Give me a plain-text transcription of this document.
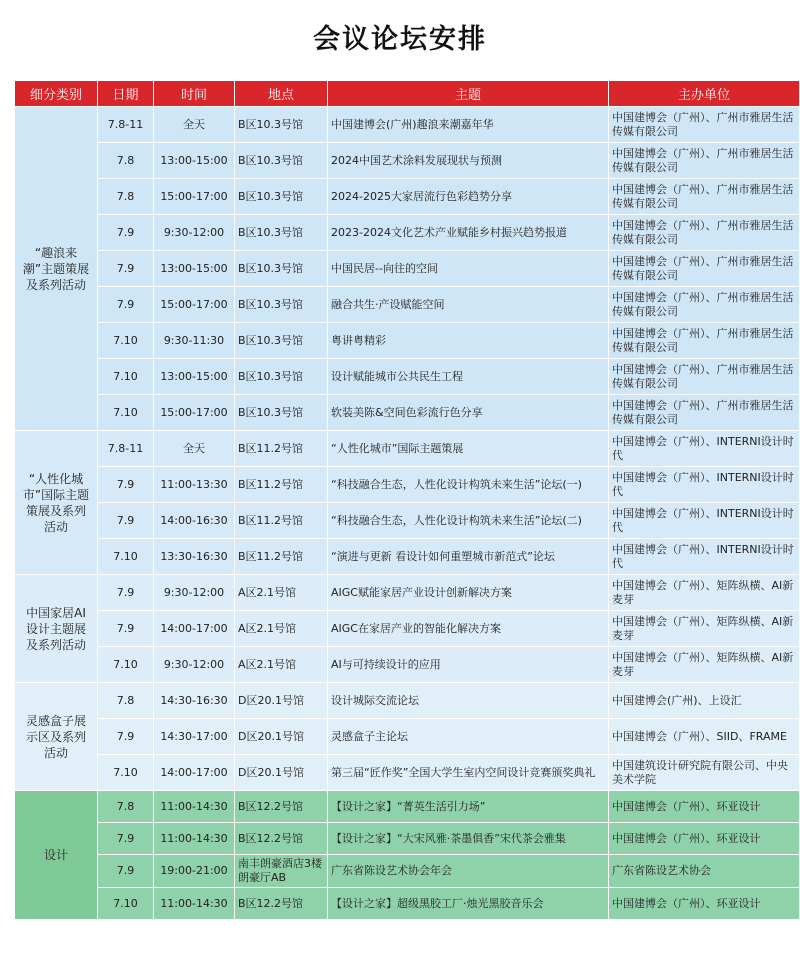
会议论坛安排
细分类别	日期	时间	地点	主题	主办单位
“趣浪来潮”主题策展及系列活动	7.8-11	全天	B区10.3号馆	中国建博会(广州)趣浪来潮嘉年华	中国建博会（广州）、广州市雅居生活传媒有限公司
	7.8	13:00-15:00	B区10.3号馆	2024中国艺术涂料发展现状与预测	中国建博会（广州）、广州市雅居生活传媒有限公司
	7.8	15:00-17:00	B区10.3号馆	2024-2025大家居流行色彩趋势分享	中国建博会（广州）、广州市雅居生活传媒有限公司
	7.9	9:30-12:00	B区10.3号馆	2023-2024文化艺术产业赋能乡村振兴趋势报道	中国建博会（广州）、广州市雅居生活传媒有限公司
	7.9	13:00-15:00	B区10.3号馆	中国民居--向往的空间	中国建博会（广州）、广州市雅居生活传媒有限公司
	7.9	15:00-17:00	B区10.3号馆	融合共生·产设赋能空间	中国建博会（广州）、广州市雅居生活传媒有限公司
	7.10	9:30-11:30	B区10.3号馆	粤讲粤精彩	中国建博会（广州）、广州市雅居生活传媒有限公司
	7.10	13:00-15:00	B区10.3号馆	设计赋能城市公共民生工程	中国建博会（广州）、广州市雅居生活传媒有限公司
	7.10	15:00-17:00	B区10.3号馆	软装美陈&空间色彩流行色分享	中国建博会（广州）、广州市雅居生活传媒有限公司
“人性化城市”国际主题策展及系列活动	7.8-11	全天	B区11.2号馆	“人性化城市”国际主题策展	中国建博会（广州）、INTERNI设计时代
	7.9	11:00-13:30	B区11.2号馆	“科技融合生态，人性化设计构筑未来生活”论坛(一)	中国建博会（广州）、INTERNI设计时代
	7.9	14:00-16:30	B区11.2号馆	“科技融合生态，人性化设计构筑未来生活”论坛(二)	中国建博会（广州）、INTERNI设计时代
	7.10	13:30-16:30	B区11.2号馆	“演进与更新 看设计如何重塑城市新范式”论坛	中国建博会（广州）、INTERNI设计时代
中国家居AI设计主题展及系列活动	7.9	9:30-12:00	A区2.1号馆	AIGC赋能家居产业设计创新解决方案	中国建博会（广州）、矩阵纵横、AI新麦芽
	7.9	14:00-17:00	A区2.1号馆	AIGC在家居产业的智能化解决方案	中国建博会（广州）、矩阵纵横、AI新麦芽
	7.10	9:30-12:00	A区2.1号馆	AI与可持续设计的应用	中国建博会（广州）、矩阵纵横、AI新麦芽
灵感盒子展示区及系列活动	7.8	14:30-16:30	D区20.1号馆	设计城际交流论坛	中国建博会(广州)、上设汇
	7.9	14:30-17:00	D区20.1号馆	灵感盒子主论坛	中国建博会（广州）、SIID、FRAME
	7.10	14:00-17:00	D区20.1号馆	第三届“匠作奖”全国大学生室内空间设计竞赛颁奖典礼	中国建筑设计研究院有限公司、中央美术学院
设计	7.8	11:00-14:30	B区12.2号馆	【设计之家】“菁英生活引力场”	中国建博会（广州）、环亚设计
	7.9	11:00-14:30	B区12.2号馆	【设计之家】“大宋风雅·茶墨俱香”宋代茶会雅集	中国建博会（广州）、环亚设计
	7.9	19:00-21:00	南丰朗豪酒店3楼朗豪厅AB	广东省陈设艺术协会年会	广东省陈设艺术协会
	7.10	11:00-14:30	B区12.2号馆	【设计之家】超级黑胶工厂·烛光黑胶音乐会	中国建博会（广州）、环亚设计
